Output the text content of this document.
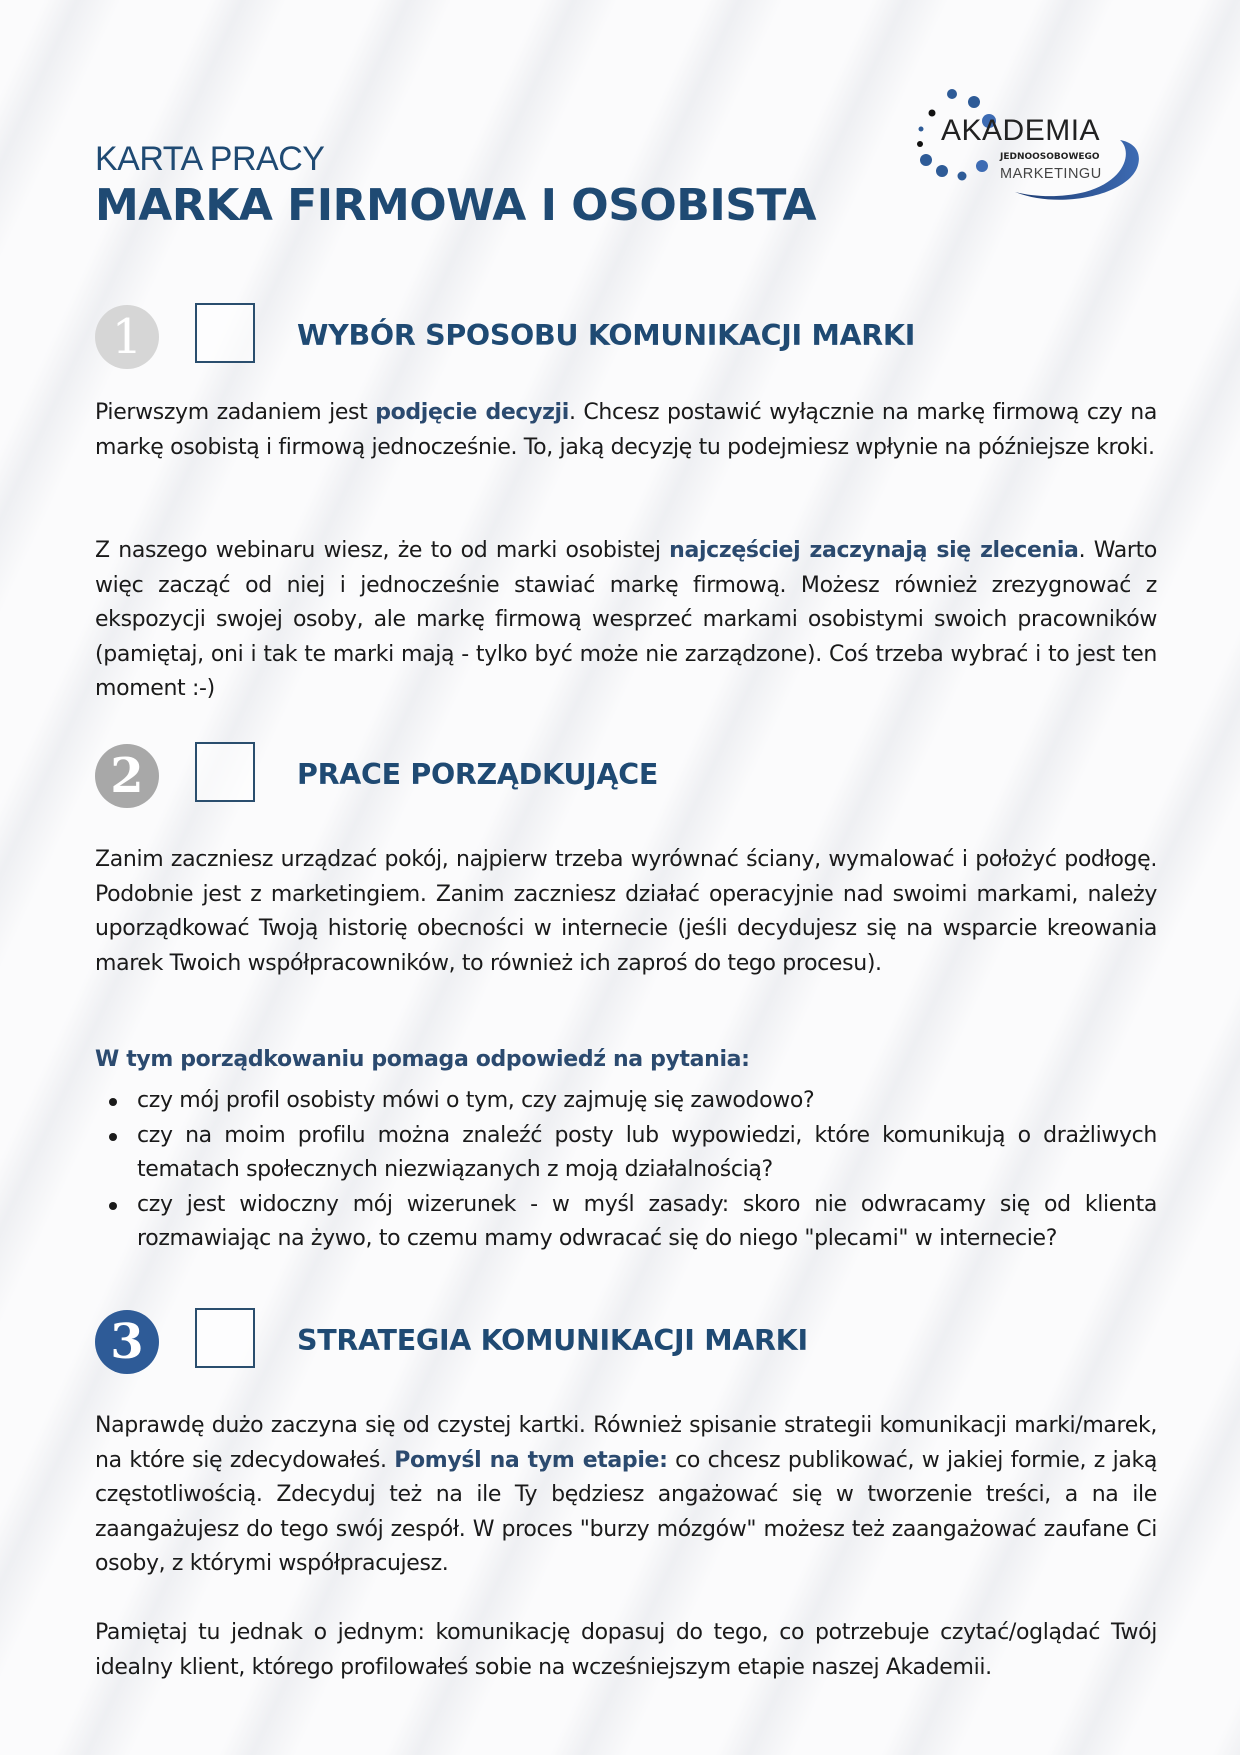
KARTA PRACY
MARKA FIRMOWA I OSOBISTA
AKADEMIA
JEDNOOSOBOWEGO
MARKETINGU
1	WYBÓR SPOSOBU KOMUNIKACJI MARKI

Pierwszym zadaniem jest podjęcie decyzji. Chcesz postawić wyłącznie na markę firmową czy na markę osobistą i firmową jednocześnie. To, jaką decyzję tu podejmiesz wpłynie na późniejsze kroki.

Z naszego webinaru wiesz, że to od marki osobistej najczęściej zaczynają się zlecenia. Warto więc zacząć od niej i jednocześnie stawiać markę firmową. Możesz również zrezygnować z ekspozycji swojej osoby, ale markę firmową wesprzeć markami osobistymi swoich pracowników (pamiętaj, oni i tak te marki mają - tylko być może nie zarządzone). Coś trzeba wybrać i to jest ten moment :-)

2	PRACE PORZĄDKUJĄCE

Zanim zaczniesz urządzać pokój, najpierw trzeba wyrównać ściany, wymalować i położyć podłogę. Podobnie jest z marketingiem. Zanim zaczniesz działać operacyjnie nad swoimi markami, należy uporządkować Twoją historię obecności w internecie (jeśli decydujesz się na wsparcie kreowania marek Twoich współpracowników, to również ich zaproś do tego procesu).

W tym porządkowaniu pomaga odpowiedź na pytania:

czy mój profil osobisty mówi o tym, czy zajmuję się zawodowo?
czy na moim profilu można znaleźć posty lub wypowiedzi, które komunikują o drażliwych tematach społecznych niezwiązanych z moją działalnością?
czy jest widoczny mój wizerunek - w myśl zasady: skoro nie odwracamy się od klienta rozmawiając na żywo, to czemu mamy odwracać się do niego "plecami" w internecie?
3	STRATEGIA KOMUNIKACJI MARKI

Naprawdę dużo zaczyna się od czystej kartki. Również spisanie strategii komunikacji marki/marek, na które się zdecydowałeś. Pomyśl na tym etapie: co chcesz publikować, w jakiej formie, z jaką częstotliwością. Zdecyduj też na ile Ty będziesz angażować się w tworzenie treści, a na ile zaangażujesz do tego swój zespół. W proces "burzy mózgów" możesz też zaangażować zaufane Ci osoby, z którymi współpracujesz.

Pamiętaj tu jednak o jednym: komunikację dopasuj do tego, co potrzebuje czytać/oglądać Twój idealny klient, którego profilowałeś sobie na wcześniejszym etapie naszej Akademii.
